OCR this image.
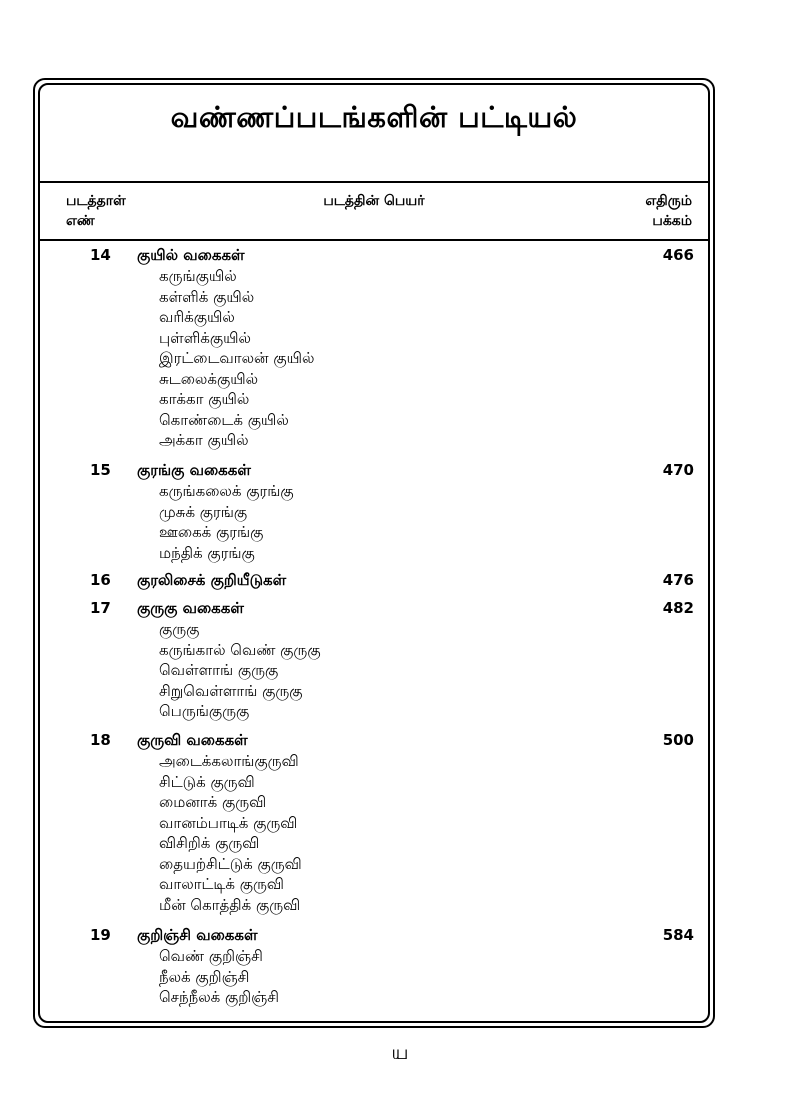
வண்ணப்படங்களின் பட்டியல்
படத்தாள்
எண்
படத்தின் பெயர்	எதிரும்
பக்கம்
14 குயில் வகைகள்	466
கருங்குயில்
கள்ளிக் குயில்
வரிக்குயில்
புள்ளிக்குயில்
இரட்டைவாலன் குயில்
சுடலைக்குயில்
காக்கா குயில்
கொண்டைக் குயில்
அக்கா குயில்
15 குரங்கு வகைகள்	470
கருங்கலைக் குரங்கு
முசுக் குரங்கு
ஊகைக் குரங்கு
மந்திக் குரங்கு
16 குரலிசைக் குறியீடுகள்	476
17 குருகு வகைகள்	482
குருகு
கருங்கால் வெண் குருகு
வெள்ளாங் குருகு
சிறுவெள்ளாங் குருகு
பெருங்குருகு
18 குருவி வகைகள்	500
அடைக்கலாங்குருவி
சிட்டுக் குருவி
மைனாக் குருவி
வானம்பாடிக் குருவி
விசிறிக் குருவி
தையற்சிட்டுக் குருவி
வாலாட்டிக் குருவி
மீன் கொத்திக் குருவி
19 குறிஞ்சி வகைகள்	584
வெண் குறிஞ்சி
நீலக் குறிஞ்சி
செந்நீலக் குறிஞ்சி
ய
